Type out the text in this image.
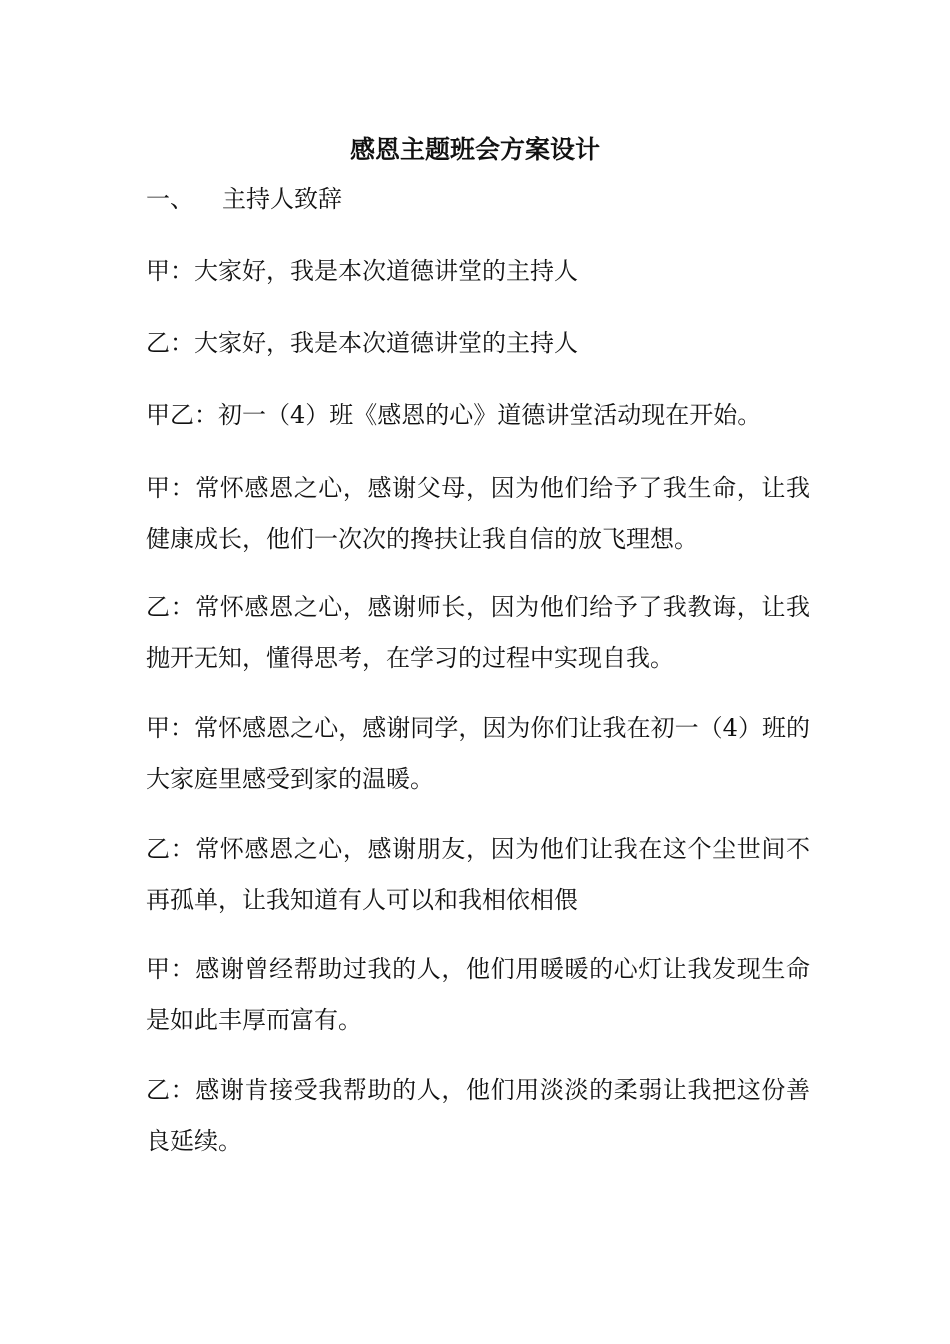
感恩主题班会方案设计

一、 主持人致辞

甲：大家好，我是本次道德讲堂的主持人

乙：大家好，我是本次道德讲堂的主持人

甲乙：初一（4）班《感恩的心》道德讲堂活动现在开始。

甲：常怀感恩之心，感谢父母，因为他们给予了我生命，让我健康成长，他们一次次的搀扶让我自信的放飞理想。

乙：常怀感恩之心，感谢师长，因为他们给予了我教诲，让我抛开无知，懂得思考，在学习的过程中实现自我。

甲：常怀感恩之心，感谢同学，因为你们让我在初一（4）班的大家庭里感受到家的温暖。

乙：常怀感恩之心，感谢朋友，因为他们让我在这个尘世间不再孤单，让我知道有人可以和我相依相偎

甲：感谢曾经帮助过我的人，他们用暖暖的心灯让我发现生命是如此丰厚而富有。

乙：感谢肯接受我帮助的人，他们用淡淡的柔弱让我把这份善良延续。
